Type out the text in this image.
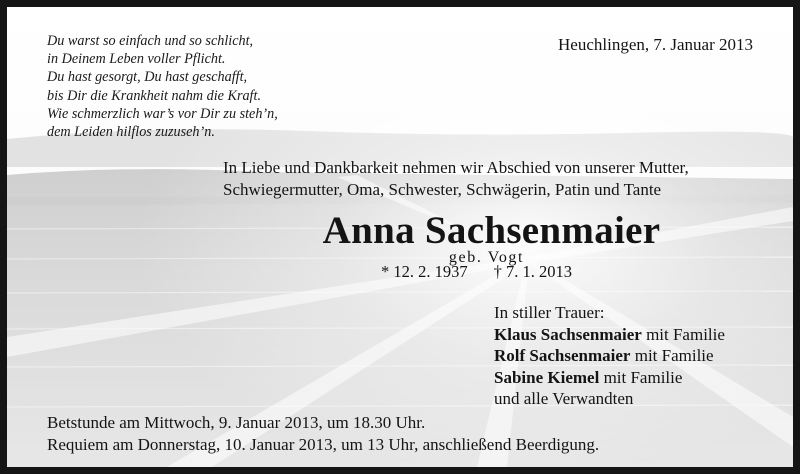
Du warst so einfach und so schlicht,
in Deinem Leben voller Pflicht.
Du hast gesorgt, Du hast geschafft,
bis Dir die Krankheit nahm die Kraft.
Wie schmerzlich war’s vor Dir zu steh’n,
dem Leiden hilflos zuzuseh’n.
Heuchlingen, 7. Januar 2013
In Liebe und Dankbarkeit nehmen wir Abschied von unserer Mutter,
Schwiegermutter, Oma, Schwester, Schwägerin, Patin und Tante
Anna Sachsenmaier
geb. Vogt
* 12. 2. 1937 † 7. 1. 2013
In stiller Trauer:
Klaus Sachsenmaier mit Familie
Rolf Sachsenmaier mit Familie
Sabine Kiemel mit Familie
und alle Verwandten
Betstunde am Mittwoch, 9. Januar 2013, um 18.30 Uhr.
Requiem am Donnerstag, 10. Januar 2013, um 13 Uhr, anschließend Beerdigung.
